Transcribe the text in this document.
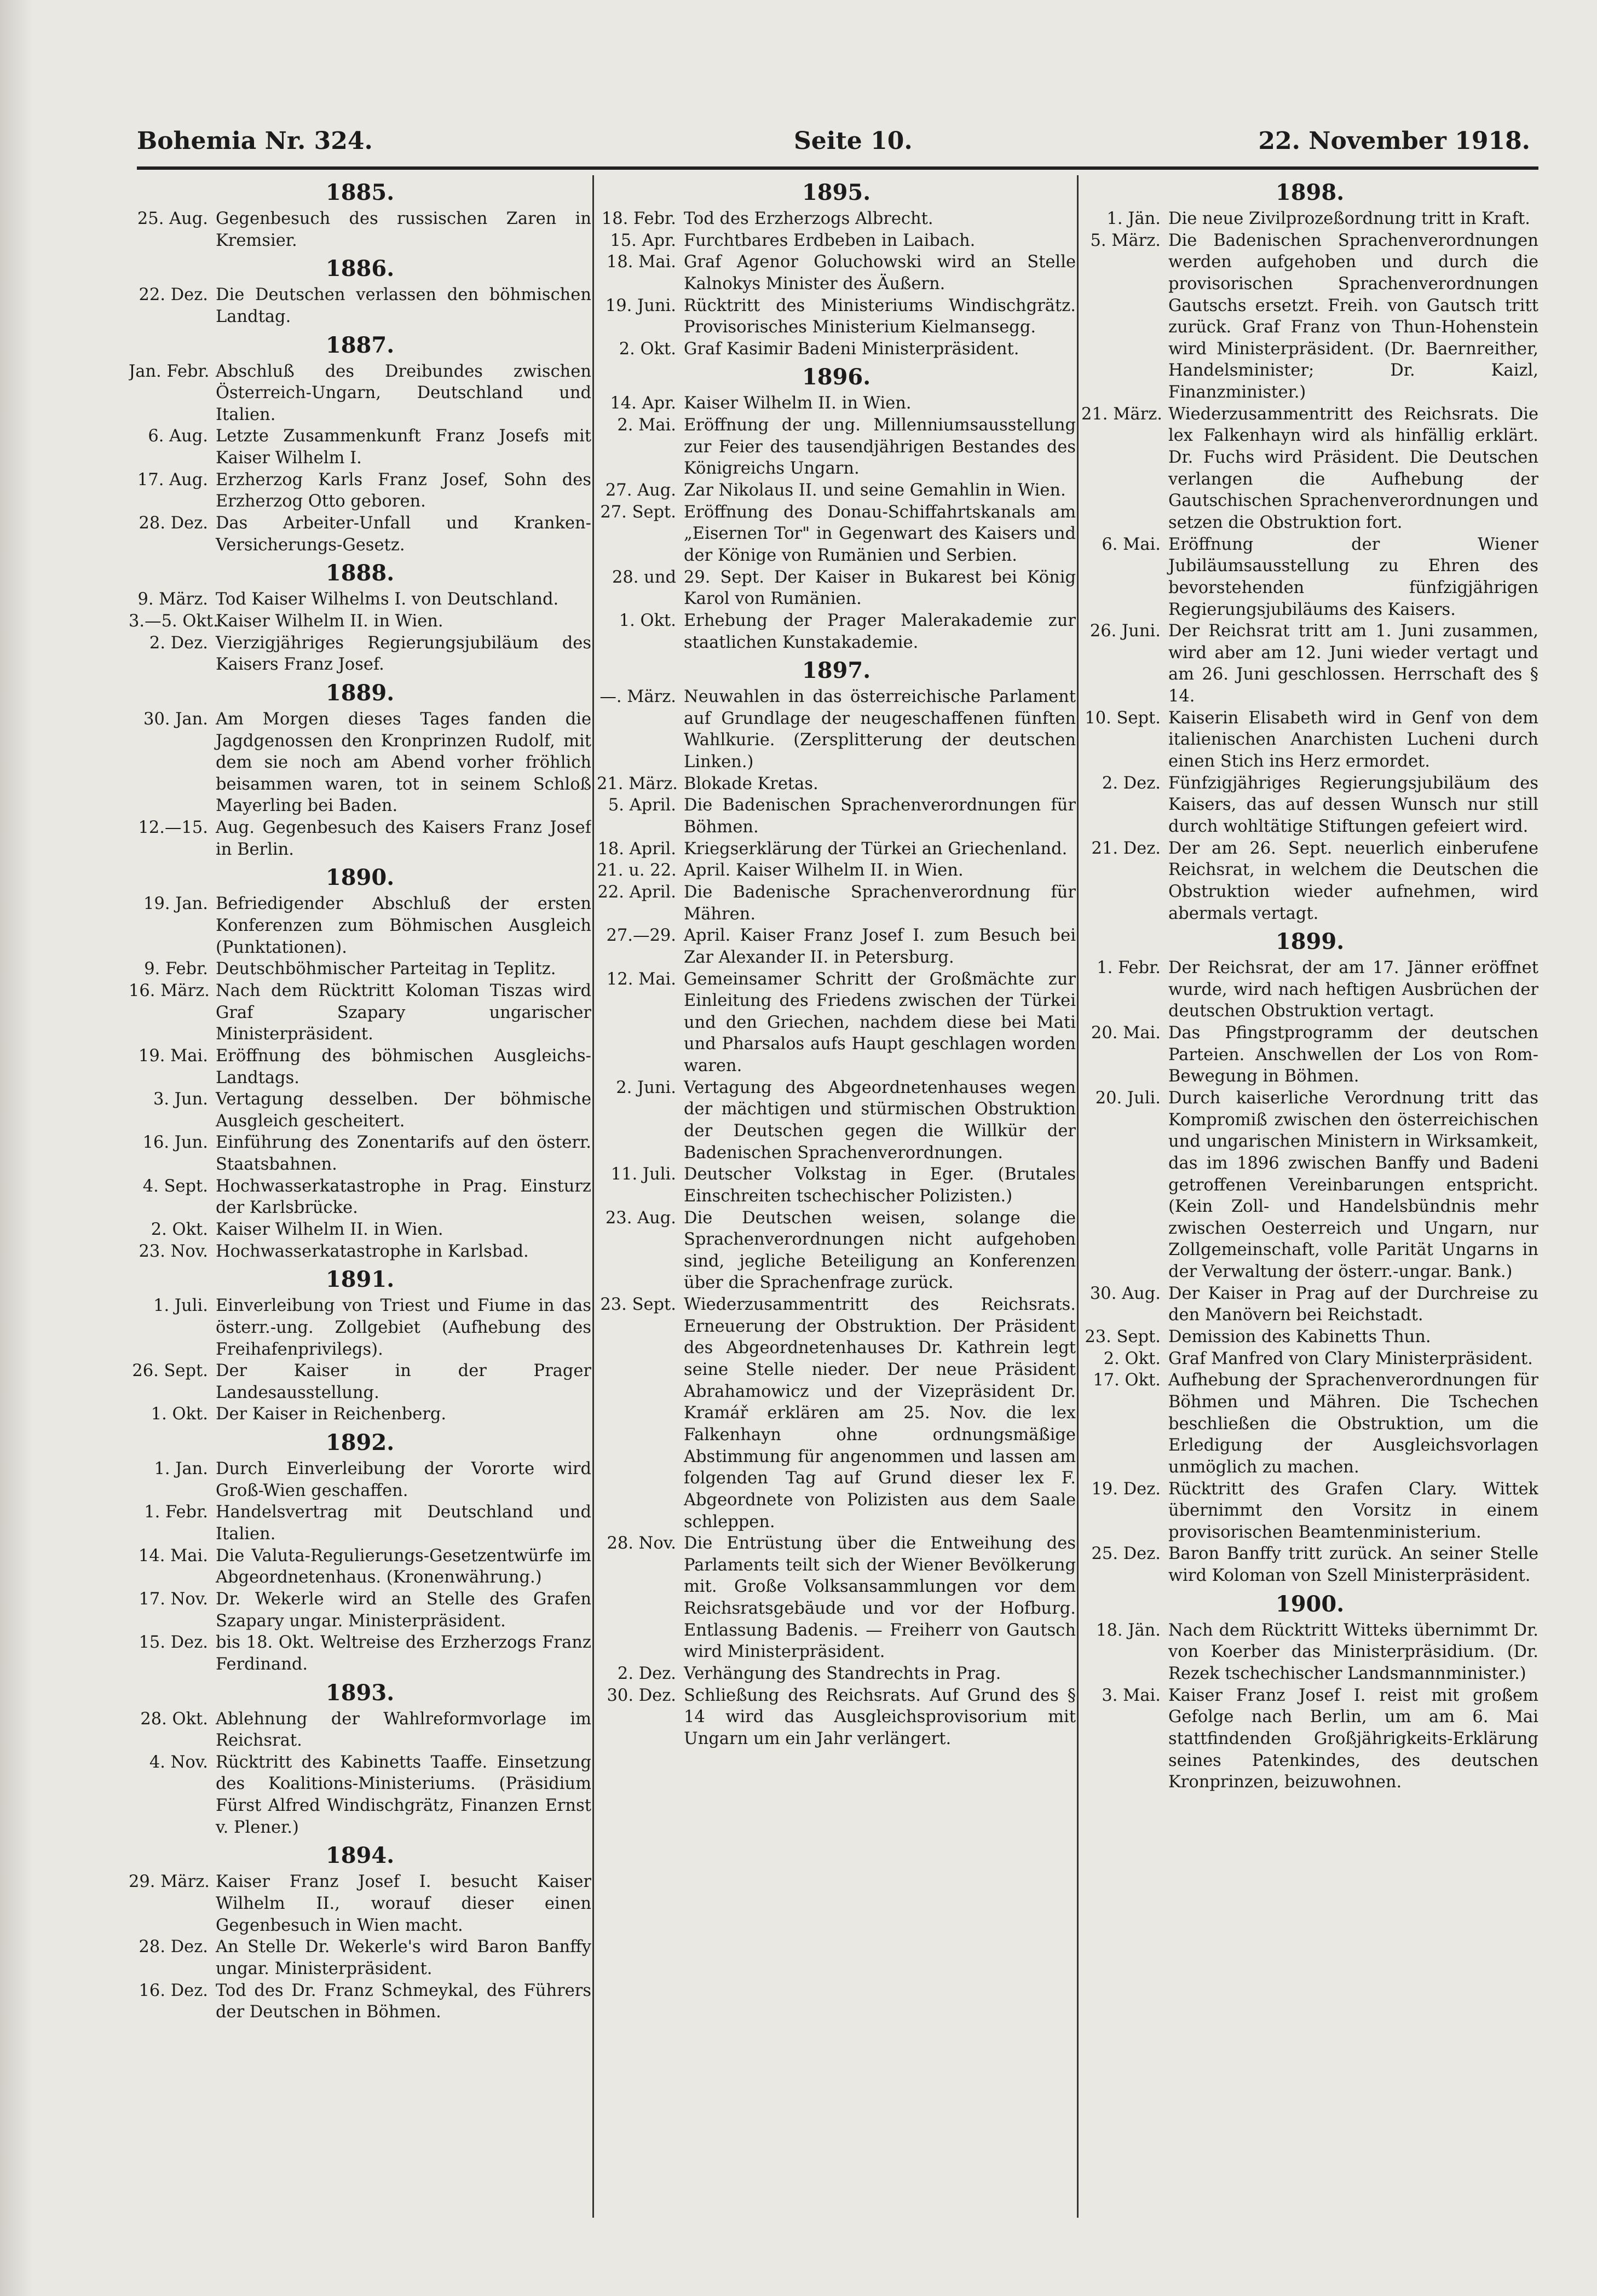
Bohemia Nr. 324.	Seite 10.	22. November 1918.
1885.
25. Aug. Gegenbesuch des russischen Zaren in Kremsier.
1886.
22. Dez. Die Deutschen verlassen den böhmischen Landtag.
1887.
Jan. Febr. Abschluß des Dreibundes zwischen Österreich-Ungarn, Deutschland und Italien.
6. Aug. Letzte Zusammenkunft Franz Josefs mit Kaiser Wilhelm I.
17. Aug. Erzherzog Karls Franz Josef, Sohn des Erzherzog Otto geboren.
28. Dez. Das Arbeiter-Unfall und Kranken-Versicherungs-Gesetz.
1888.
9. März. Tod Kaiser Wilhelms I. von Deutschland.
3.—5. Okt.
Kaiser Wilhelm II. in Wien.
2. Dez. Vierzigjähriges Regierungsjubiläum des Kaisers Franz Josef.
1889.
30. Jan. Am Morgen dieses Tages fanden die Jagdgenossen den Kronprinzen Rudolf, mit dem sie noch am Abend vorher fröhlich beisammen waren, tot in seinem Schloß Mayerling bei Baden.
12.—15. Aug. Gegenbesuch des Kaisers Franz Josef in Berlin.
1890.
19. Jan. Befriedigender Abschluß der ersten Konferenzen zum Böhmischen Ausgleich (Punktationen).
9. Febr. Deutschböhmischer Parteitag in Teplitz.
16. März. Nach dem Rücktritt Koloman Tiszas wird Graf Szapary ungarischer Ministerpräsident.
19. Mai. Eröffnung des böhmischen Ausgleichs-Landtags.
3. Jun. Vertagung desselben. Der böhmische Ausgleich gescheitert.
16. Jun. Einführung des Zonentarifs auf den österr. Staatsbahnen.
4. Sept. Hochwasserkatastrophe in Prag. Einsturz der Karlsbrücke.
2. Okt. Kaiser Wilhelm II. in Wien.
23. Nov. Hochwasserkatastrophe in Karlsbad.
1891.
1. Juli. Einverleibung von Triest und Fiume in das österr.-ung. Zollgebiet (Aufhebung des Freihafenprivilegs).
26. Sept. Der Kaiser in der Prager Landesausstellung.
1. Okt. Der Kaiser in Reichenberg.
1892.
1. Jan. Durch Einverleibung der Vororte wird Groß-Wien geschaffen.
1. Febr. Handelsvertrag mit Deutschland und Italien.
14. Mai. Die Valuta-Regulierungs-Gesetzentwürfe im Abgeordnetenhaus. (Kronenwährung.)
17. Nov. Dr. Wekerle wird an Stelle des Grafen Szapary ungar. Ministerpräsident.
15. Dez. bis 18. Okt. Weltreise des Erzherzogs Franz Ferdinand.
1893.
28. Okt. Ablehnung der Wahlreformvorlage im Reichsrat.
4. Nov. Rücktritt des Kabinetts Taaffe. Einsetzung des Koalitions-Ministeriums. (Präsidium Fürst Alfred Windischgrätz, Finanzen Ernst v. Plener.)
1894.
29. März. Kaiser Franz Josef I. besucht Kaiser Wilhelm II., worauf dieser einen Gegenbesuch in Wien macht.
28. Dez. An Stelle Dr. Wekerle's wird Baron Banffy ungar. Ministerpräsident.
16. Dez. Tod des Dr. Franz Schmeykal, des Führers der Deutschen in Böhmen.
1895.
18. Febr. Tod des Erzherzogs Albrecht.
15. Apr. Furchtbares Erdbeben in Laibach.
18. Mai. Graf Agenor Goluchowski wird an Stelle Kalnokys Minister des Äußern.
19. Juni. Rücktritt des Ministeriums Windischgrätz. Provisorisches Ministerium Kielmansegg.
2. Okt. Graf Kasimir Badeni Ministerpräsident.
1896.
14. Apr. Kaiser Wilhelm II. in Wien.
2. Mai. Eröffnung der ung. Millenniumsausstellung zur Feier des tausendjährigen Bestandes des Königreichs Ungarn.
27. Aug. Zar Nikolaus II. und seine Gemahlin in Wien.
27. Sept. Eröffnung des Donau-Schiffahrtskanals am „Eisernen Tor" in Gegenwart des Kaisers und der Könige von Rumänien und Serbien.
28. und 29. Sept. Der Kaiser in Bukarest bei König Karol von Rumänien.
1. Okt. Erhebung der Prager Malerakademie zur staatlichen Kunstakademie.
1897.
—. März. Neuwahlen in das österreichische Parlament auf Grundlage der neugeschaffenen fünften Wahlkurie. (Zersplitterung der deutschen Linken.)
21. März. Blokade Kretas.
5. April. Die Badenischen Sprachenverordnungen für Böhmen.
18. April. Kriegserklärung der Türkei an Griechenland.
21. u. 22. April. Kaiser Wilhelm II. in Wien.
22. April. Die Badenische Sprachenverordnung für Mähren.
27.—29. April. Kaiser Franz Josef I. zum Besuch bei Zar Alexander II. in Petersburg.
12. Mai. Gemeinsamer Schritt der Großmächte zur Einleitung des Friedens zwischen der Türkei und den Griechen, nachdem diese bei Mati und Pharsalos aufs Haupt geschlagen worden waren.
2. Juni. Vertagung des Abgeordnetenhauses wegen der mächtigen und stürmischen Obstruktion der Deutschen gegen die Willkür der Badenischen Sprachenverordnungen.
11. Juli. Deutscher Volkstag in Eger. (Brutales Einschreiten tschechischer Polizisten.)
23. Aug. Die Deutschen weisen, solange die Sprachenverordnungen nicht aufgehoben sind, jegliche Beteiligung an Konferenzen über die Sprachenfrage zurück.
23. Sept. Wiederzusammentritt des Reichsrats. Erneuerung der Obstruktion. Der Präsident des Abgeordnetenhauses Dr. Kathrein legt seine Stelle nieder. Der neue Präsident Abrahamowicz und der Vizepräsident Dr. Kramář erklären am 25. Nov. die lex Falkenhayn ohne ordnungsmäßige Abstimmung für angenommen und lassen am folgenden Tag auf Grund dieser lex F. Abgeordnete von Polizisten aus dem Saale schleppen.
28. Nov. Die Entrüstung über die Entweihung des Parlaments teilt sich der Wiener Bevölkerung mit. Große Volksansammlungen vor dem Reichsratsgebäude und vor der Hofburg. Entlassung Badenis. — Freiherr von Gautsch wird Ministerpräsident.
2. Dez. Verhängung des Standrechts in Prag.
30. Dez. Schließung des Reichsrats. Auf Grund des § 14 wird das Ausgleichsprovisorium mit Ungarn um ein Jahr verlängert.
1898.
1. Jän. Die neue Zivilprozeßordnung tritt in Kraft.
5. März. Die Badenischen Sprachenverordnungen werden aufgehoben und durch die provisorischen Sprachenverordnungen Gautschs ersetzt. Freih. von Gautsch tritt zurück. Graf Franz von Thun-Hohenstein wird Ministerpräsident. (Dr. Baernreither, Handelsminister; Dr. Kaizl, Finanzminister.)
21. März. Wiederzusammentritt des Reichsrats. Die lex Falkenhayn wird als hinfällig erklärt. Dr. Fuchs wird Präsident. Die Deutschen verlangen die Aufhebung der Gautschischen Sprachenverordnungen und setzen die Obstruktion fort.
6. Mai. Eröffnung der Wiener Jubiläumsausstellung zu Ehren des bevorstehenden fünfzigjährigen Regierungsjubiläums des Kaisers.
26. Juni. Der Reichsrat tritt am 1. Juni zusammen, wird aber am 12. Juni wieder vertagt und am 26. Juni geschlossen. Herrschaft des § 14.
10. Sept. Kaiserin Elisabeth wird in Genf von dem italienischen Anarchisten Lucheni durch einen Stich ins Herz ermordet.
2. Dez. Fünfzigjähriges Regierungsjubiläum des Kaisers, das auf dessen Wunsch nur still durch wohltätige Stiftungen gefeiert wird.
21. Dez. Der am 26. Sept. neuerlich einberufene Reichsrat, in welchem die Deutschen die Obstruktion wieder aufnehmen, wird abermals vertagt.
1899.
1. Febr. Der Reichsrat, der am 17. Jänner eröffnet wurde, wird nach heftigen Ausbrüchen der deutschen Obstruktion vertagt.
20. Mai. Das Pfingstprogramm der deutschen Parteien. Anschwellen der Los von Rom-Bewegung in Böhmen.
20. Juli. Durch kaiserliche Verordnung tritt das Kompromiß zwischen den österreichischen und ungarischen Ministern in Wirksamkeit, das im 1896 zwischen Banffy und Badeni getroffenen Vereinbarungen entspricht. (Kein Zoll- und Handelsbündnis mehr zwischen Oesterreich und Ungarn, nur Zollgemeinschaft, volle Parität Ungarns in der Verwaltung der österr.-ungar. Bank.)
30. Aug. Der Kaiser in Prag auf der Durchreise zu den Manövern bei Reichstadt.
23. Sept. Demission des Kabinetts Thun.
2. Okt. Graf Manfred von Clary Ministerpräsident.
17. Okt. Aufhebung der Sprachenverordnungen für Böhmen und Mähren. Die Tschechen beschließen die Obstruktion, um die Erledigung der Ausgleichsvorlagen unmöglich zu machen.
19. Dez. Rücktritt des Grafen Clary. Wittek übernimmt den Vorsitz in einem provisorischen Beamtenministerium.
25. Dez. Baron Banffy tritt zurück. An seiner Stelle wird Koloman von Szell Ministerpräsident.
1900.
18. Jän. Nach dem Rücktritt Witteks übernimmt Dr. von Koerber das Ministerpräsidium. (Dr. Rezek tschechischer Landsmannminister.)
3. Mai. Kaiser Franz Josef I. reist mit großem Gefolge nach Berlin, um am 6. Mai stattfindenden Großjährigkeits-Erklärung seines Patenkindes, des deutschen Kronprinzen, beizuwohnen.
